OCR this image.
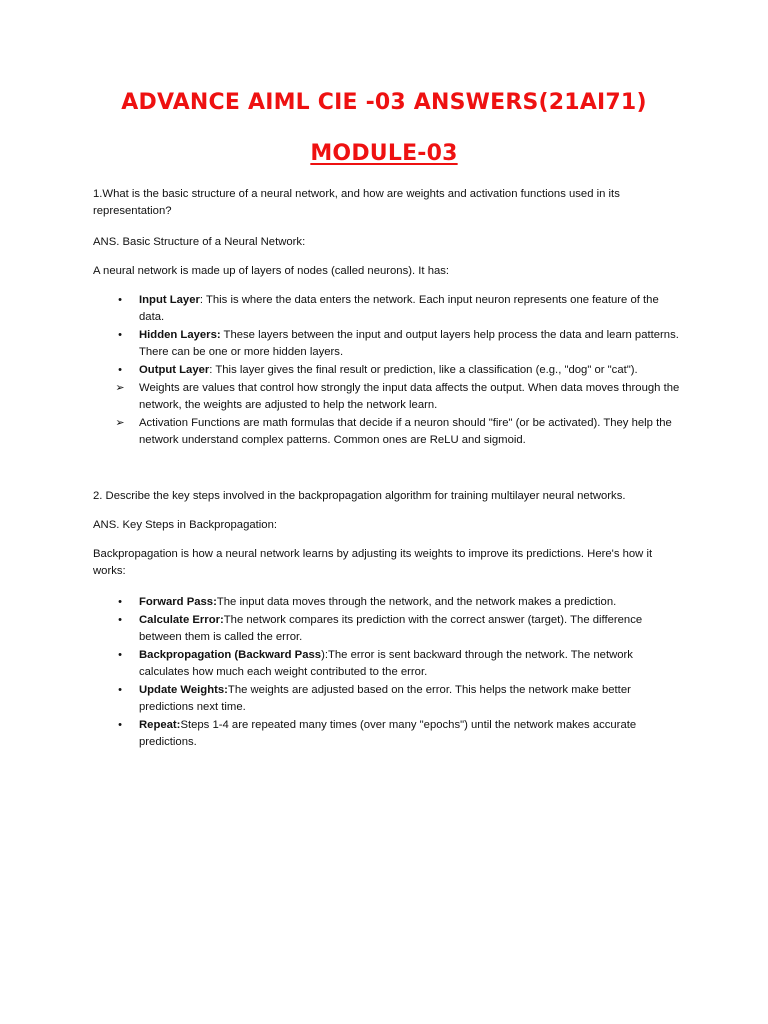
ADVANCE AIML CIE -03 ANSWERS(21AI71)
MODULE-03

1.What is the basic structure of a neural network, and how are weights and activation functions used in its representation?

ANS. Basic Structure of a Neural Network:

A neural network is made up of layers of nodes (called neurons). It has:

•	Input Layer: This is where the data enters the network. Each input neuron represents one feature of the data.
•	Hidden Layers: These layers between the input and output layers help process the data and learn patterns. There can be one or more hidden layers.
•	Output Layer: This layer gives the final result or prediction, like a classification (e.g., "dog" or "cat").
➢ Weights are values that control how strongly the input data affects the output. When data moves through the network, the weights are adjusted to help the network learn.
➢ Activation Functions are math formulas that decide if a neuron should "fire" (or be activated). They help the network understand complex patterns. Common ones are ReLU and sigmoid.

2. Describe the key steps involved in the backpropagation algorithm for training multilayer neural networks.

ANS. Key Steps in Backpropagation:

Backpropagation is how a neural network learns by adjusting its weights to improve its predictions. Here's how it works:

•	Forward Pass:The input data moves through the network, and the network makes a prediction.
•	Calculate Error:The network compares its prediction with the correct answer (target). The difference between them is called the error.
•	Backpropagation (Backward Pass):The error is sent backward through the network. The network calculates how much each weight contributed to the error.
•	Update Weights:The weights are adjusted based on the error. This helps the network make better predictions next time.
•	Repeat:Steps 1-4 are repeated many times (over many "epochs") until the network makes accurate predictions.
